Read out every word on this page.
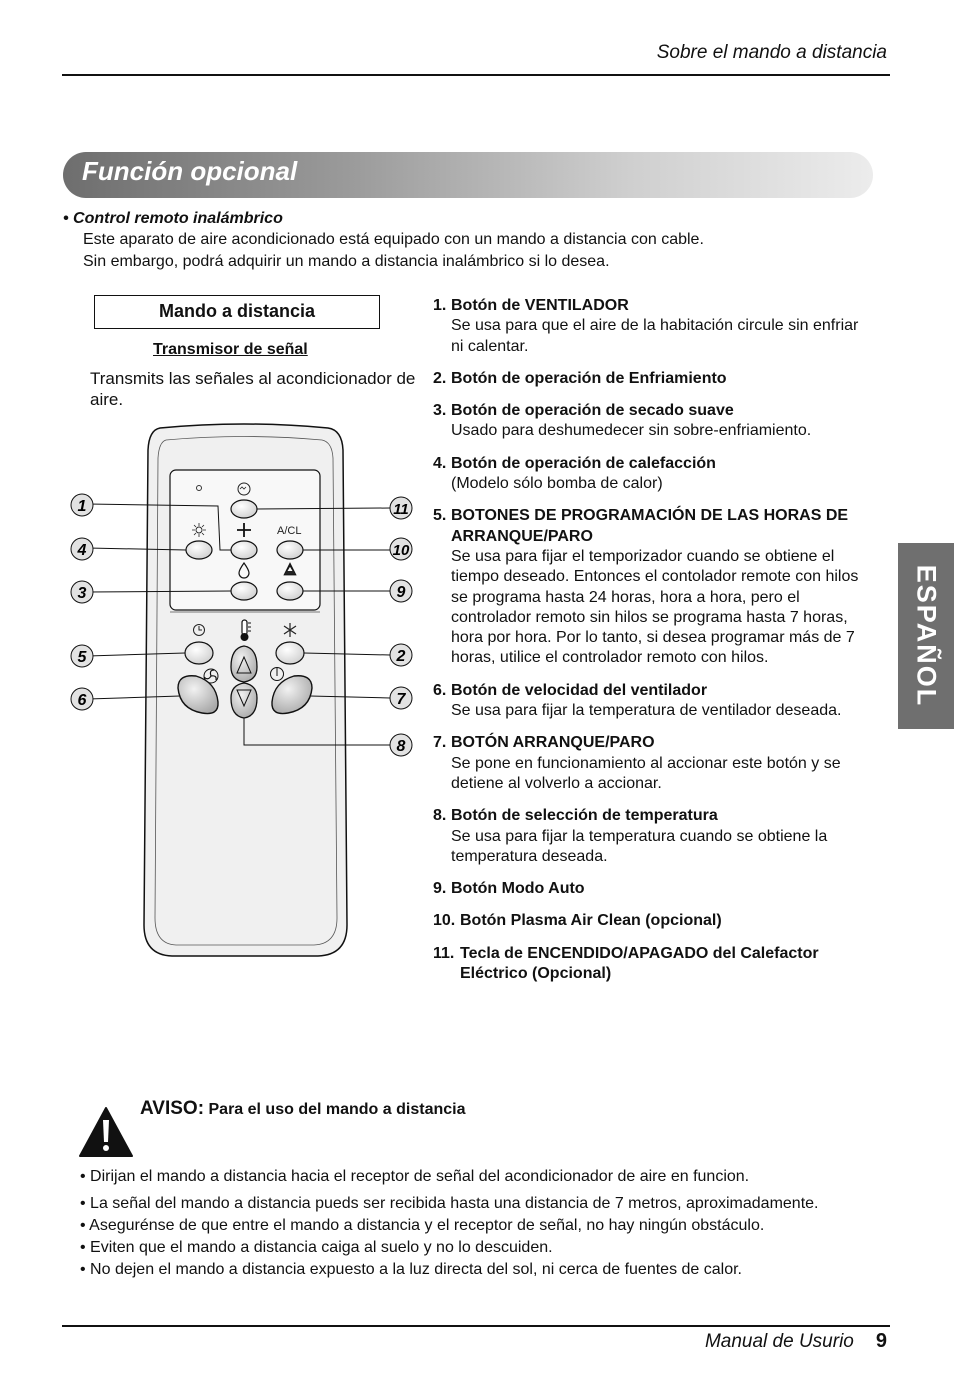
Sobre el mando a distancia
Función opcional
ESPAÑOL
• Control remoto inalámbrico
Este aparato de aire acondicionado está equipado con un mando a distancia con cable.
Sin embargo, podrá adquirir un mando a distancia inalámbrico si lo desea.
Mando a distancia
Transmisor de señal
Transmits las señales al acondicionador de aire.
A/CL
1
4
3
5
6
11
10
9
2
7
8
1. Botón de VENTILADOR
Se usa para que el aire de la habitación circule sin enfriar ni calentar.
2. Botón de operación de Enfriamiento
3. Botón de operación de secado suave
Usado para deshumedecer sin sobre-enfriamiento.
4. Botón de operación de calefacción
(Modelo sólo bomba de calor)
5. BOTONES DE PROGRAMACIÓN DE LAS HORAS DE ARRANQUE/PARO
Se usa para fijar el temporizador cuando se obtiene el tiempo deseado. Entonces el contolador remote con hilos se programa hasta 24 horas, hora a hora, pero el controlador remoto sin hilos se programa hasta 7 horas, hora por hora. Por lo tanto, si desea programar más de 7 horas, utilice el controlador remoto con hilos.
6. Botón de velocidad del ventilador
Se usa para fijar la temperatura de ventilador deseada.
7. BOTÓN ARRANQUE/PARO
Se pone en funcionamiento al accionar este botón y se detiene al volverlo a accionar.
8. Botón de selección de temperatura
Se usa para fijar la temperatura cuando se obtiene la temperatura deseada.
9. Botón Modo Auto
10. Botón Plasma Air Clean (opcional)
11. Tecla de ENCENDIDO/APAGADO del Calefactor Eléctrico (Opcional)
AVISO: Para el uso del mando a distancia
• Dirijan el mando a distancia hacia el receptor de señal del acondicionador de aire en funcion.
• La señal del mando a distancia pueds ser recibida hasta una distancia de 7 metros, aproximadamente.
• Asegurénse de que entre el mando a distancia y el receptor de señal, no hay ningún obstáculo.
• Eviten que el mando a distancia caiga al suelo y no lo descuiden.
• No dejen el mando a distancia expuesto a la luz directa del sol, ni cerca de fuentes de calor.
Manual de Usurio 9
